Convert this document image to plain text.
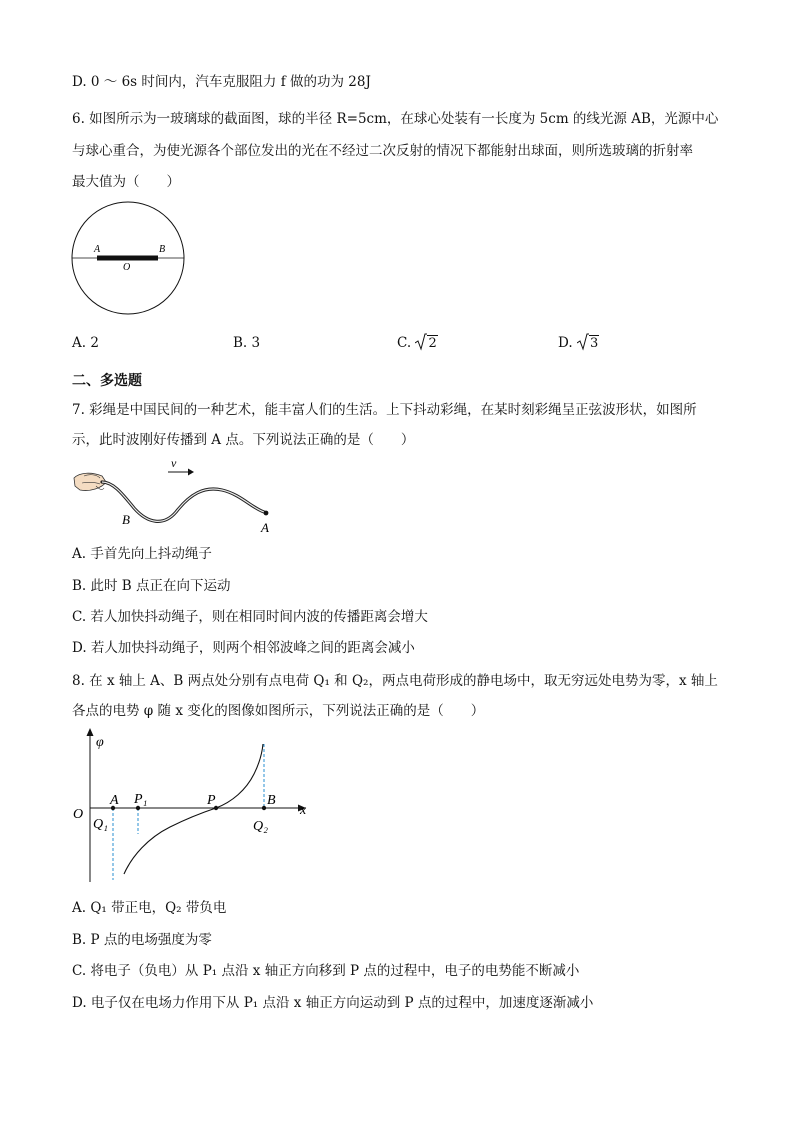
D. 0 ～ 6s 时间内，汽车克服阻力 f 做的功为 28J
6. 如图所示为一玻璃球的截面图，球的半径 R=5cm，在球心处装有一长度为 5cm 的线光源 AB，光源中心
与球心重合，为使光源各个部位发出的光在不经过二次反射的情况下都能射出球面，则所选玻璃的折射率
最大值为（　　）
A	B
O
A. 2	B. 3	C. 2	D. 3
二、多选题
7. 彩绳是中国民间的一种艺术，能丰富人们的生活。上下抖动彩绳，在某时刻彩绳呈正弦波形状，如图所
示，此时波刚好传播到 A 点。下列说法正确的是（　　）
v
B
A
A. 手首先向上抖动绳子
B. 此时 B 点正在向下运动
C. 若人加快抖动绳子，则在相同时间内波的传播距离会增大
D. 若人加快抖动绳子，则两个相邻波峰之间的距离会减小
8. 在 x 轴上 A、B 两点处分别有点电荷 Q₁ 和 Q₂，两点电荷形成的静电场中，取无穷远处电势为零，x 轴上
各点的电势 φ 随 x 变化的图像如图所示，下列说法正确的是（　　）
φ
O	x
A P₁	P	B
Q₁	Q₂
A. Q₁ 带正电，Q₂ 带负电
B. P 点的电场强度为零
C. 将电子（负电）从 P₁ 点沿 x 轴正方向移到 P 点的过程中，电子的电势能不断减小
D. 电子仅在电场力作用下从 P₁ 点沿 x 轴正方向运动到 P 点的过程中，加速度逐渐减小
